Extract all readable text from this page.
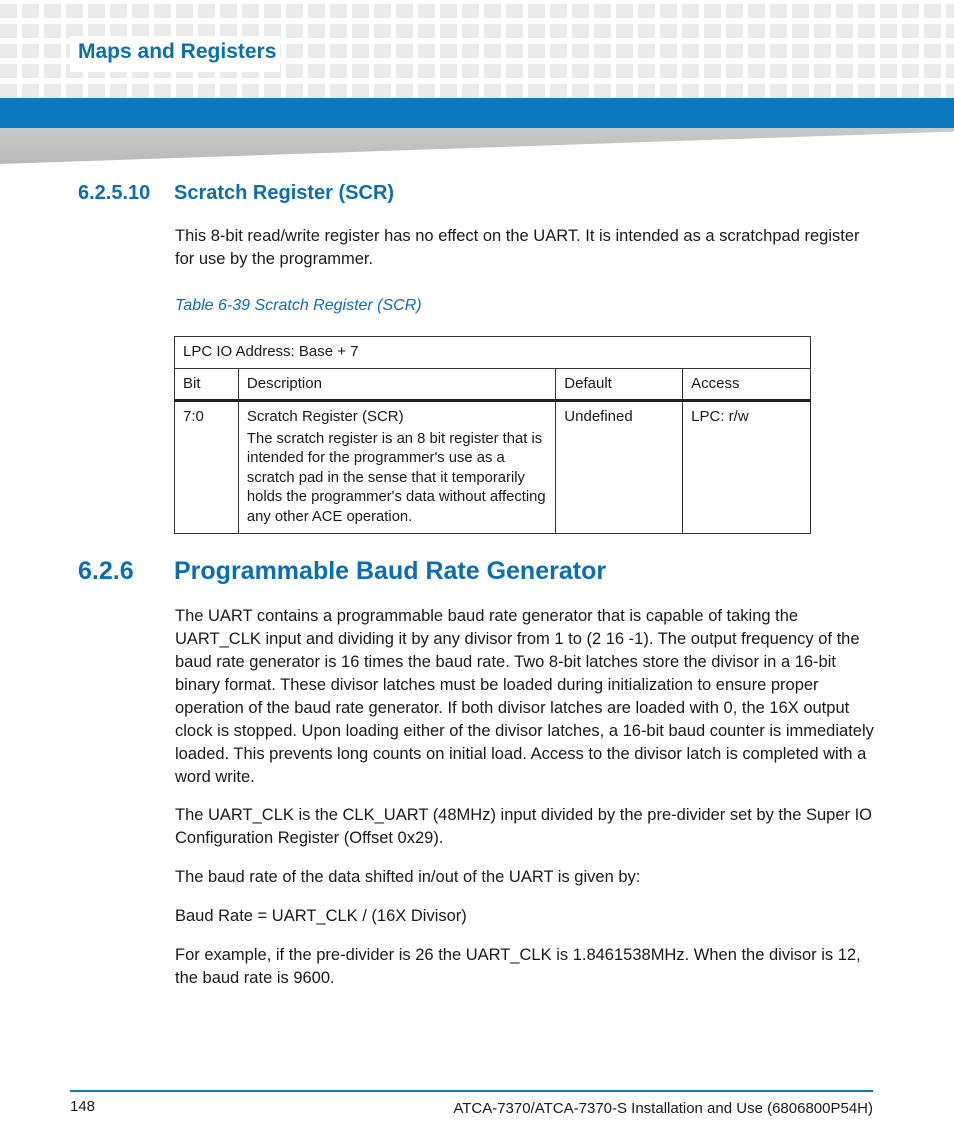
Maps and Registers
6.2.5.10 Scratch Register (SCR)

This 8-bit read/write register has no effect on the UART. It is intended as a scratchpad register for use by the programmer.

Table 6-39 Scratch Register (SCR)
LPC IO Address: Base + 7			
Bit	Description	Default	Access
7:0	Scratch Register (SCR)
The scratch register is an 8 bit register that is intended for the programmer's use as a scratch pad in the sense that it temporarily holds the programmer's data without affecting any other ACE operation.	Undefined	LPC: r/w
6.2.6 Programmable Baud Rate Generator

The UART contains a programmable baud rate generator that is capable of taking the UART_CLK input and dividing it by any divisor from 1 to (2 16 -1). The output frequency of the baud rate generator is 16 times the baud rate. Two 8-bit latches store the divisor in a 16-bit binary format. These divisor latches must be loaded during initialization to ensure proper operation of the baud rate generator. If both divisor latches are loaded with 0, the 16X output clock is stopped. Upon loading either of the divisor latches, a 16-bit baud counter is immediately loaded. This prevents long counts on initial load. Access to the divisor latch is completed with a word write.

The UART_CLK is the CLK_UART (48MHz) input divided by the pre-divider set by the Super IO Configuration Register (Offset 0x29).

The baud rate of the data shifted in/out of the UART is given by:

Baud Rate = UART_CLK / (16X Divisor)

For example, if the pre-divider is 26 the UART_CLK is 1.8461538MHz. When the divisor is 12, the baud rate is 9600.

148	ATCA-7370/ATCA-7370-S Installation and Use (6806800P54H)
